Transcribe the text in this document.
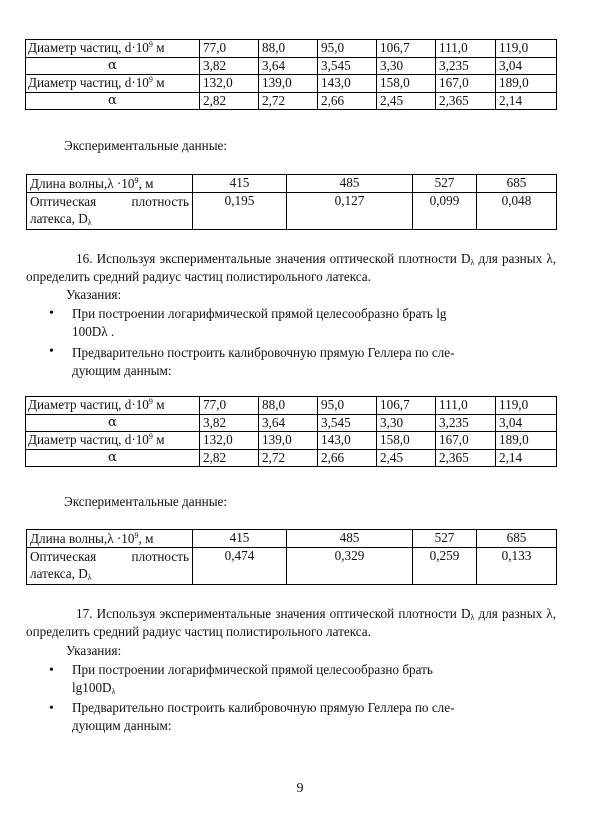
Диаметр частиц, $d\cdot 10^9$ м	77,0	88,0	95,0	106,7	111,0	119,0
α	3,82	3,64	3,545	3,30	3,235	3,04
Диаметр частиц, $d\cdot 10^9$ м	132,0	139,0	143,0	158,0	167,0	189,0
α	2,82	2,72	2,66	2,45	2,365	2,14
Экспериментальные данные:
Длина волны,λ $\cdot 10^9$, м	415	485	527	685

Оптическая плотность
латекса, $D_\lambda$	0,195	0,127	0,099	0,048
16. Используя экспериментальные значения оптической плотности $D_\lambda$ для разных λ, определить средний радиус частиц полистирольного латекса.
Указания:
• При построении логарифмической прямой целесообразно брать lg
100Dλ .
• Предварительно построить калибровочную прямую Геллера по сле-
дующим данным:
Диаметр частиц, $d\cdot 10^9$ м	77,0	88,0	95,0	106,7	111,0	119,0
α	3,82	3,64	3,545	3,30	3,235	3,04
Диаметр частиц, $d\cdot 10^9$ м	132,0	139,0	143,0	158,0	167,0	189,0
α	2,82	2,72	2,66	2,45	2,365	2,14
Экспериментальные данные:
Длина волны,λ $\cdot 10^9$, м	415	485	527	685

Оптическая плотность
латекса, $D_\lambda$	0,474	0,329	0,259	0,133
17. Используя экспериментальные значения оптической плотности $D_\lambda$ для разных λ, определить средний радиус частиц полистирольного латекса.
Указания:
• При построении логарифмической прямой целесообразно брать
$\lg 100D_\lambda$
• Предварительно построить калибровочную прямую Геллера по сле-
дующим данным:
9
